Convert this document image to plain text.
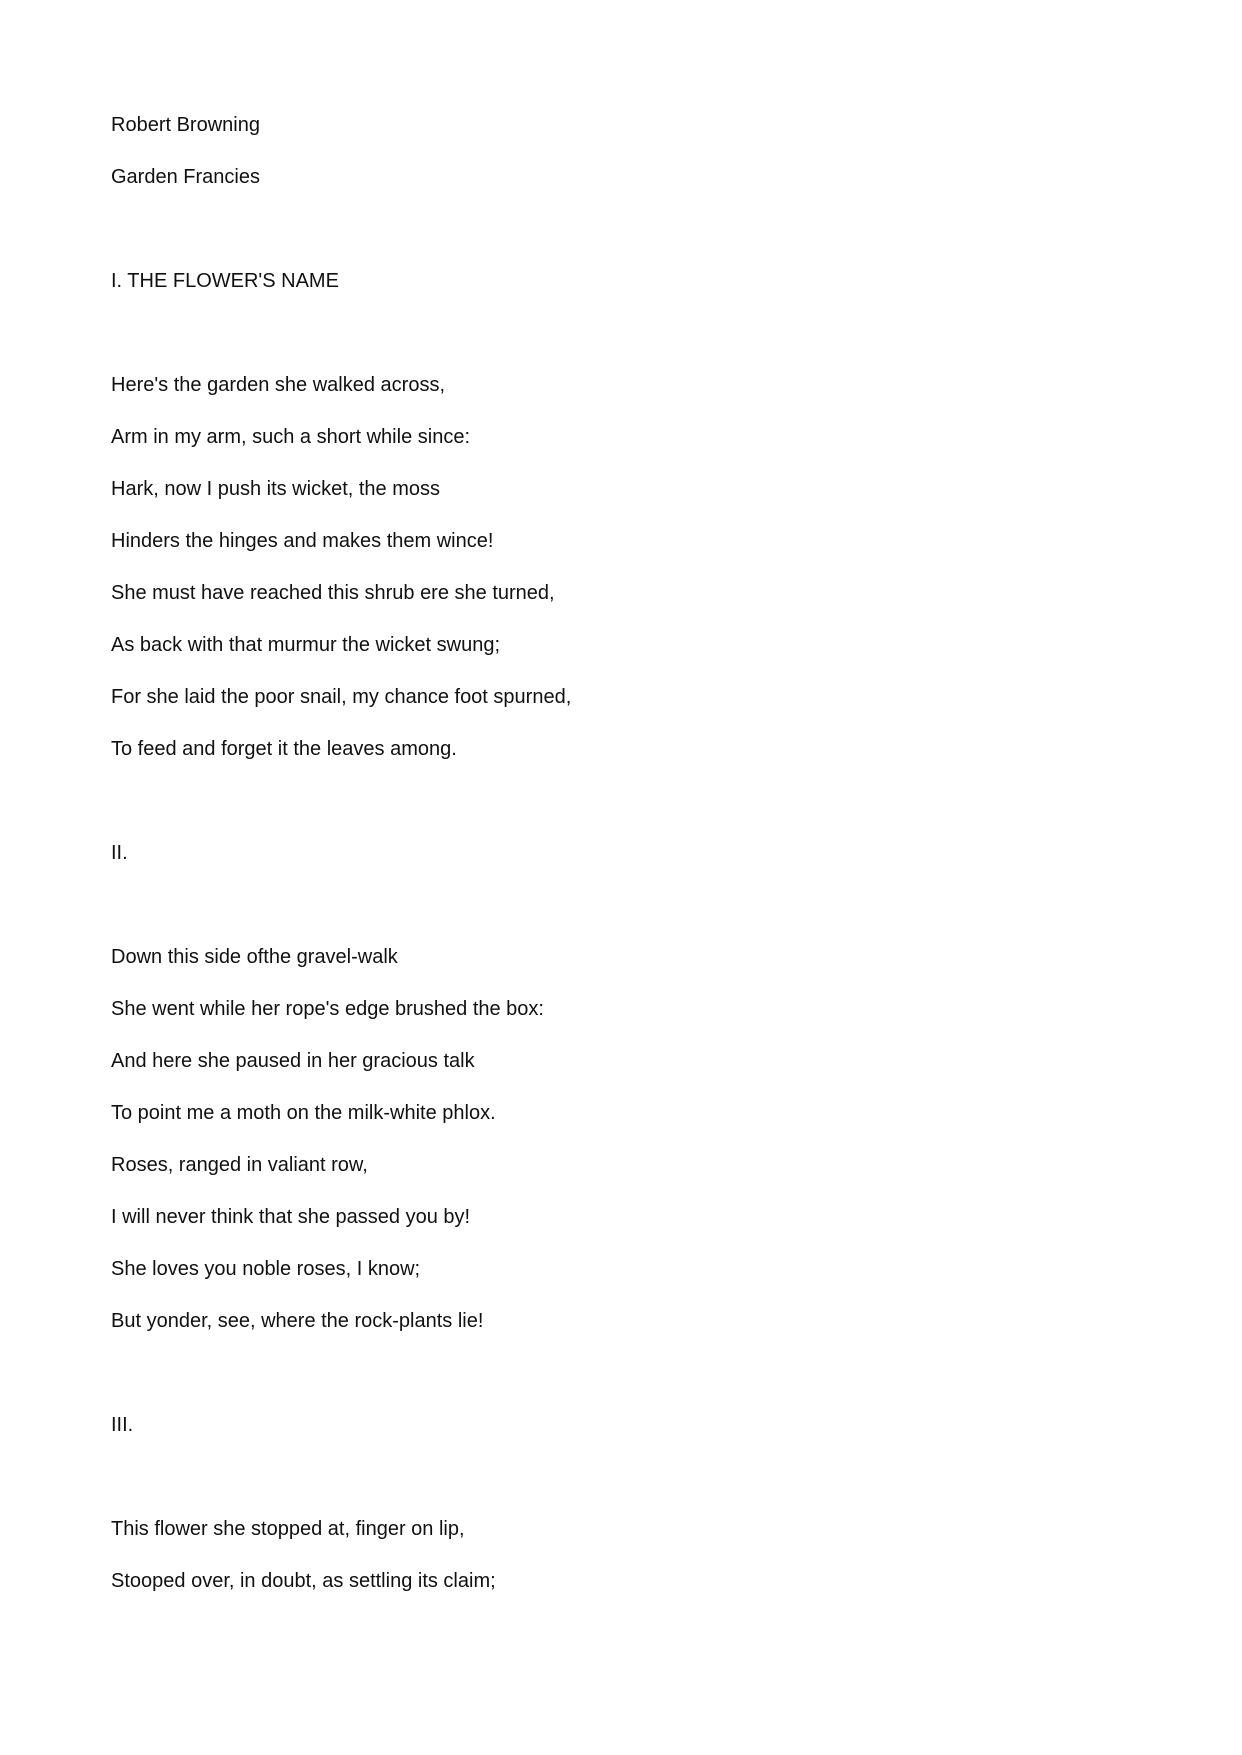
Robert Browning

Garden Francies

I. THE FLOWER'S NAME

Here's the garden she walked across,

Arm in my arm, such a short while since:

Hark, now I push its wicket, the moss

Hinders the hinges and makes them wince!

She must have reached this shrub ere she turned,

As back with that murmur the wicket swung;

For she laid the poor snail, my chance foot spurned,

To feed and forget it the leaves among.

II.

Down this side ofthe gravel-walk

She went while her rope's edge brushed the box:

And here she paused in her gracious talk

To point me a moth on the milk-white phlox.

Roses, ranged in valiant row,

I will never think that she passed you by!

She loves you noble roses, I know;

But yonder, see, where the rock-plants lie!

III.

This flower she stopped at, finger on lip,

Stooped over, in doubt, as settling its claim;
